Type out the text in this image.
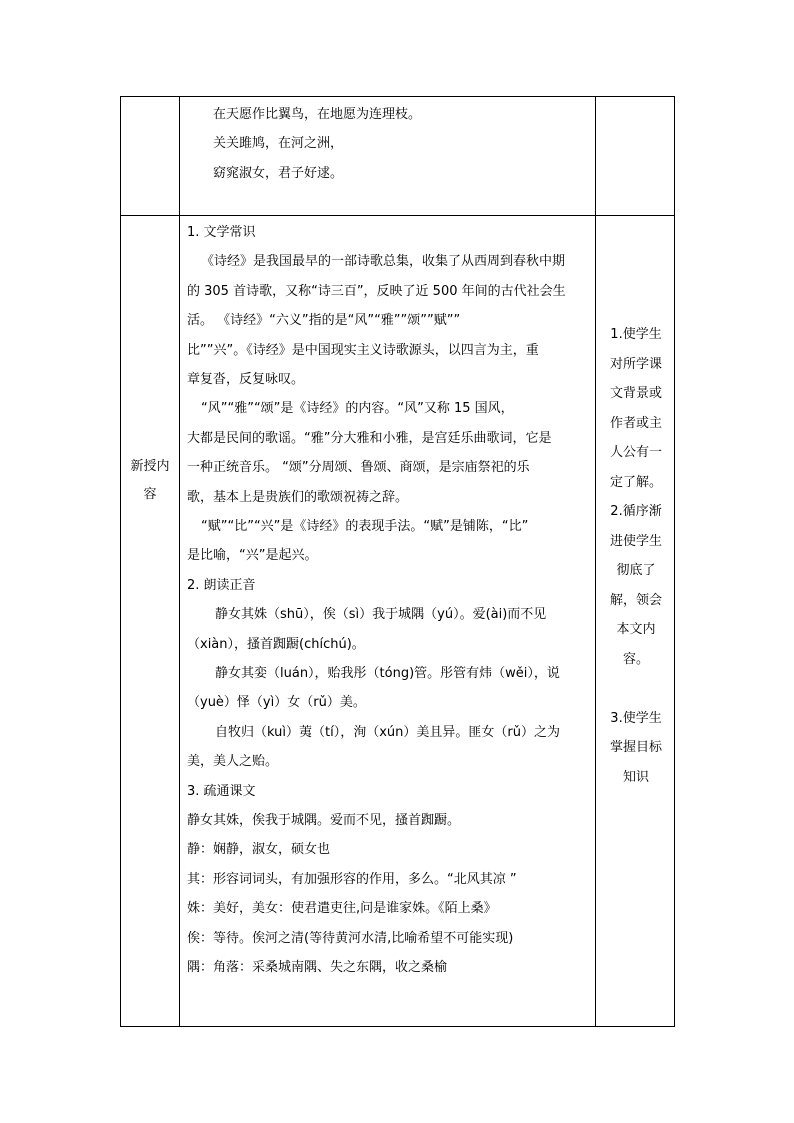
在天愿作比翼鸟，在地愿为连理枝。
关关雎鸠，在河之洲，
窈窕淑女，君子好逑。
新授内
容
1. 文学常识
《诗经》是我国最早的一部诗歌总集，收集了从西周到春秋中期
的 305 首诗歌，又称“诗三百”，反映了近 500 年间的古代社会生
活。 《诗经》“六义”指的是“风”“雅””颂””赋””
比””兴”。《诗经》是中国现实主义诗歌源头，以四言为主，重
章复沓，反复咏叹。
“风”“雅”“颂”是《诗经》的内容。“风”又称 15 国风，
大都是民间的歌谣。“雅”分大雅和小雅，是宫廷乐曲歌词，它是
一种正统音乐。 “颂”分周颂、鲁颂、商颂，是宗庙祭祀的乐
歌，基本上是贵族们的歌颂祝祷之辞。
“赋”“比”“兴”是《诗经》的表现手法。“赋”是铺陈，“比”
是比喻，“兴”是起兴。
2. 朗读正音
静女其姝（shū），俟（sì）我于城隅（yú）。爱(ài)而不见
（xiàn），搔首踟蹰(chíchú)。
静女其娈（luán），贻我彤（tóng)管。彤管有炜（wěi），说
（yuè）怿（yì）女（rǔ）美。
自牧归（kuì）荑（tí），洵（xún）美且异。匪女（rǔ）之为
美，美人之贻。
3. 疏通课文
静女其姝，俟我于城隅。爱而不见，搔首踟蹰。
静：娴静，淑女，硕女也
其：形容词词头，有加强形容的作用，多么。“北风其凉 ”
姝：美好，美女：使君遣吏往,问是谁家姝。《陌上桑》
俟：等待。俟河之清(等待黄河水清,比喻希望不可能实现)
隅：角落：采桑城南隅、失之东隅，收之桑榆
1.使学生
对所学课
文背景或
作者或主
人公有一
定了解。
2.循序渐
进使学生
彻底了
解，领会
本文内
容。
3.使学生
掌握目标
知识
